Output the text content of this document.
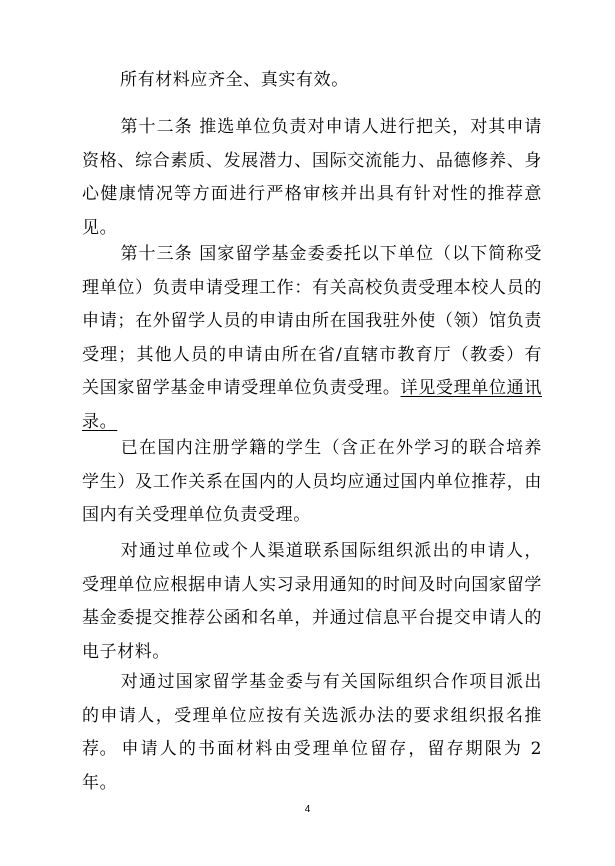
所有材料应齐全、真实有效。

第十二条 推选单位负责对申请人进行把关，对其申请资格、综合素质、发展潜力、国际交流能力、品德修养、身心健康情况等方面进行严格审核并出具有针对性的推荐意见。

第十三条 国家留学基金委委托以下单位（以下简称受理单位）负责申请受理工作：有关高校负责受理本校人员的申请；在外留学人员的申请由所在国我驻外使（领）馆负责受理；其他人员的申请由所在省/直辖市教育厅（教委）有关国家留学基金申请受理单位负责受理。详见受理单位通讯录。

已在国内注册学籍的学生（含正在外学习的联合培养学生）及工作关系在国内的人员均应通过国内单位推荐，由国内有关受理单位负责受理。

对通过单位或个人渠道联系国际组织派出的申请人，受理单位应根据申请人实习录用通知的时间及时向国家留学基金委提交推荐公函和名单，并通过信息平台提交申请人的电子材料。

对通过国家留学基金委与有关国际组织合作项目派出的申请人，受理单位应按有关选派办法的要求组织报名推荐。 申请人的书面材料由受理单位留存，留存期限为 2 年。

4
